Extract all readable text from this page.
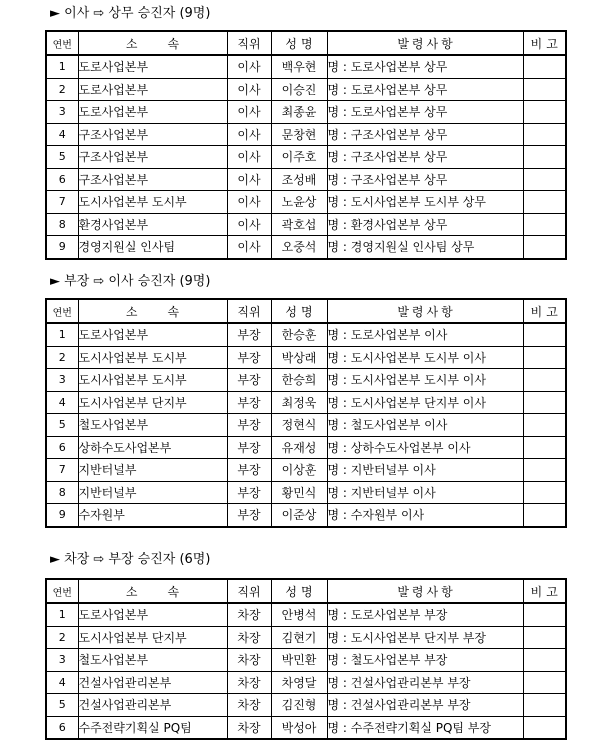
► 이사 ⇨ 상무 승진자 (9명)
연번	소속	직위	성명	발령사항	비고
1	도로사업본부	이사	백우현	명 : 도로사업본부 상무	
2	도로사업본부	이사	이승진	명 : 도로사업본부 상무	
3	도로사업본부	이사	최종윤	명 : 도로사업본부 상무	
4	구조사업본부	이사	문창현	명 : 구조사업본부 상무	
5	구조사업본부	이사	이주호	명 : 구조사업본부 상무	
6	구조사업본부	이사	조성배	명 : 구조사업본부 상무	
7	도시사업본부 도시부	이사	노윤상	명 : 도시사업본부 도시부 상무	
8	환경사업본부	이사	곽호섭	명 : 환경사업본부 상무	
9	경영지원실 인사팀	이사	오중석	명 : 경영지원실 인사팀 상무	
► 부장 ⇨ 이사 승진자 (9명)
연번	소속	직위	성명	발령사항	비고
1	도로사업본부	부장	한승훈	명 : 도로사업본부 이사	
2	도시사업본부 도시부	부장	박상래	명 : 도시사업본부 도시부 이사	
3	도시사업본부 도시부	부장	한승희	명 : 도시사업본부 도시부 이사	
4	도시사업본부 단지부	부장	최정욱	명 : 도시사업본부 단지부 이사	
5	철도사업본부	부장	정현식	명 : 철도사업본부 이사	
6	상하수도사업본부	부장	유재성	명 : 상하수도사업본부 이사	
7	지반터널부	부장	이상훈	명 : 지반터널부 이사	
8	지반터널부	부장	황민식	명 : 지반터널부 이사	
9	수자원부	부장	이준상	명 : 수자원부 이사	
► 차장 ⇨ 부장 승진자 (6명)
연번	소속	직위	성명	발령사항	비고
1	도로사업본부	차장	안병석	명 : 도로사업본부 부장	
2	도시사업본부 단지부	차장	김현기	명 : 도시사업본부 단지부 부장	
3	철도사업본부	차장	박민환	명 : 철도사업본부 부장	
4	건설사업관리본부	차장	차영달	명 : 건설사업관리본부 부장	
5	건설사업관리본부	차장	김진형	명 : 건설사업관리본부 부장	
6	수주전략기획실 PQ팀	차장	박성아	명 : 수주전략기획실 PQ팀 부장	
